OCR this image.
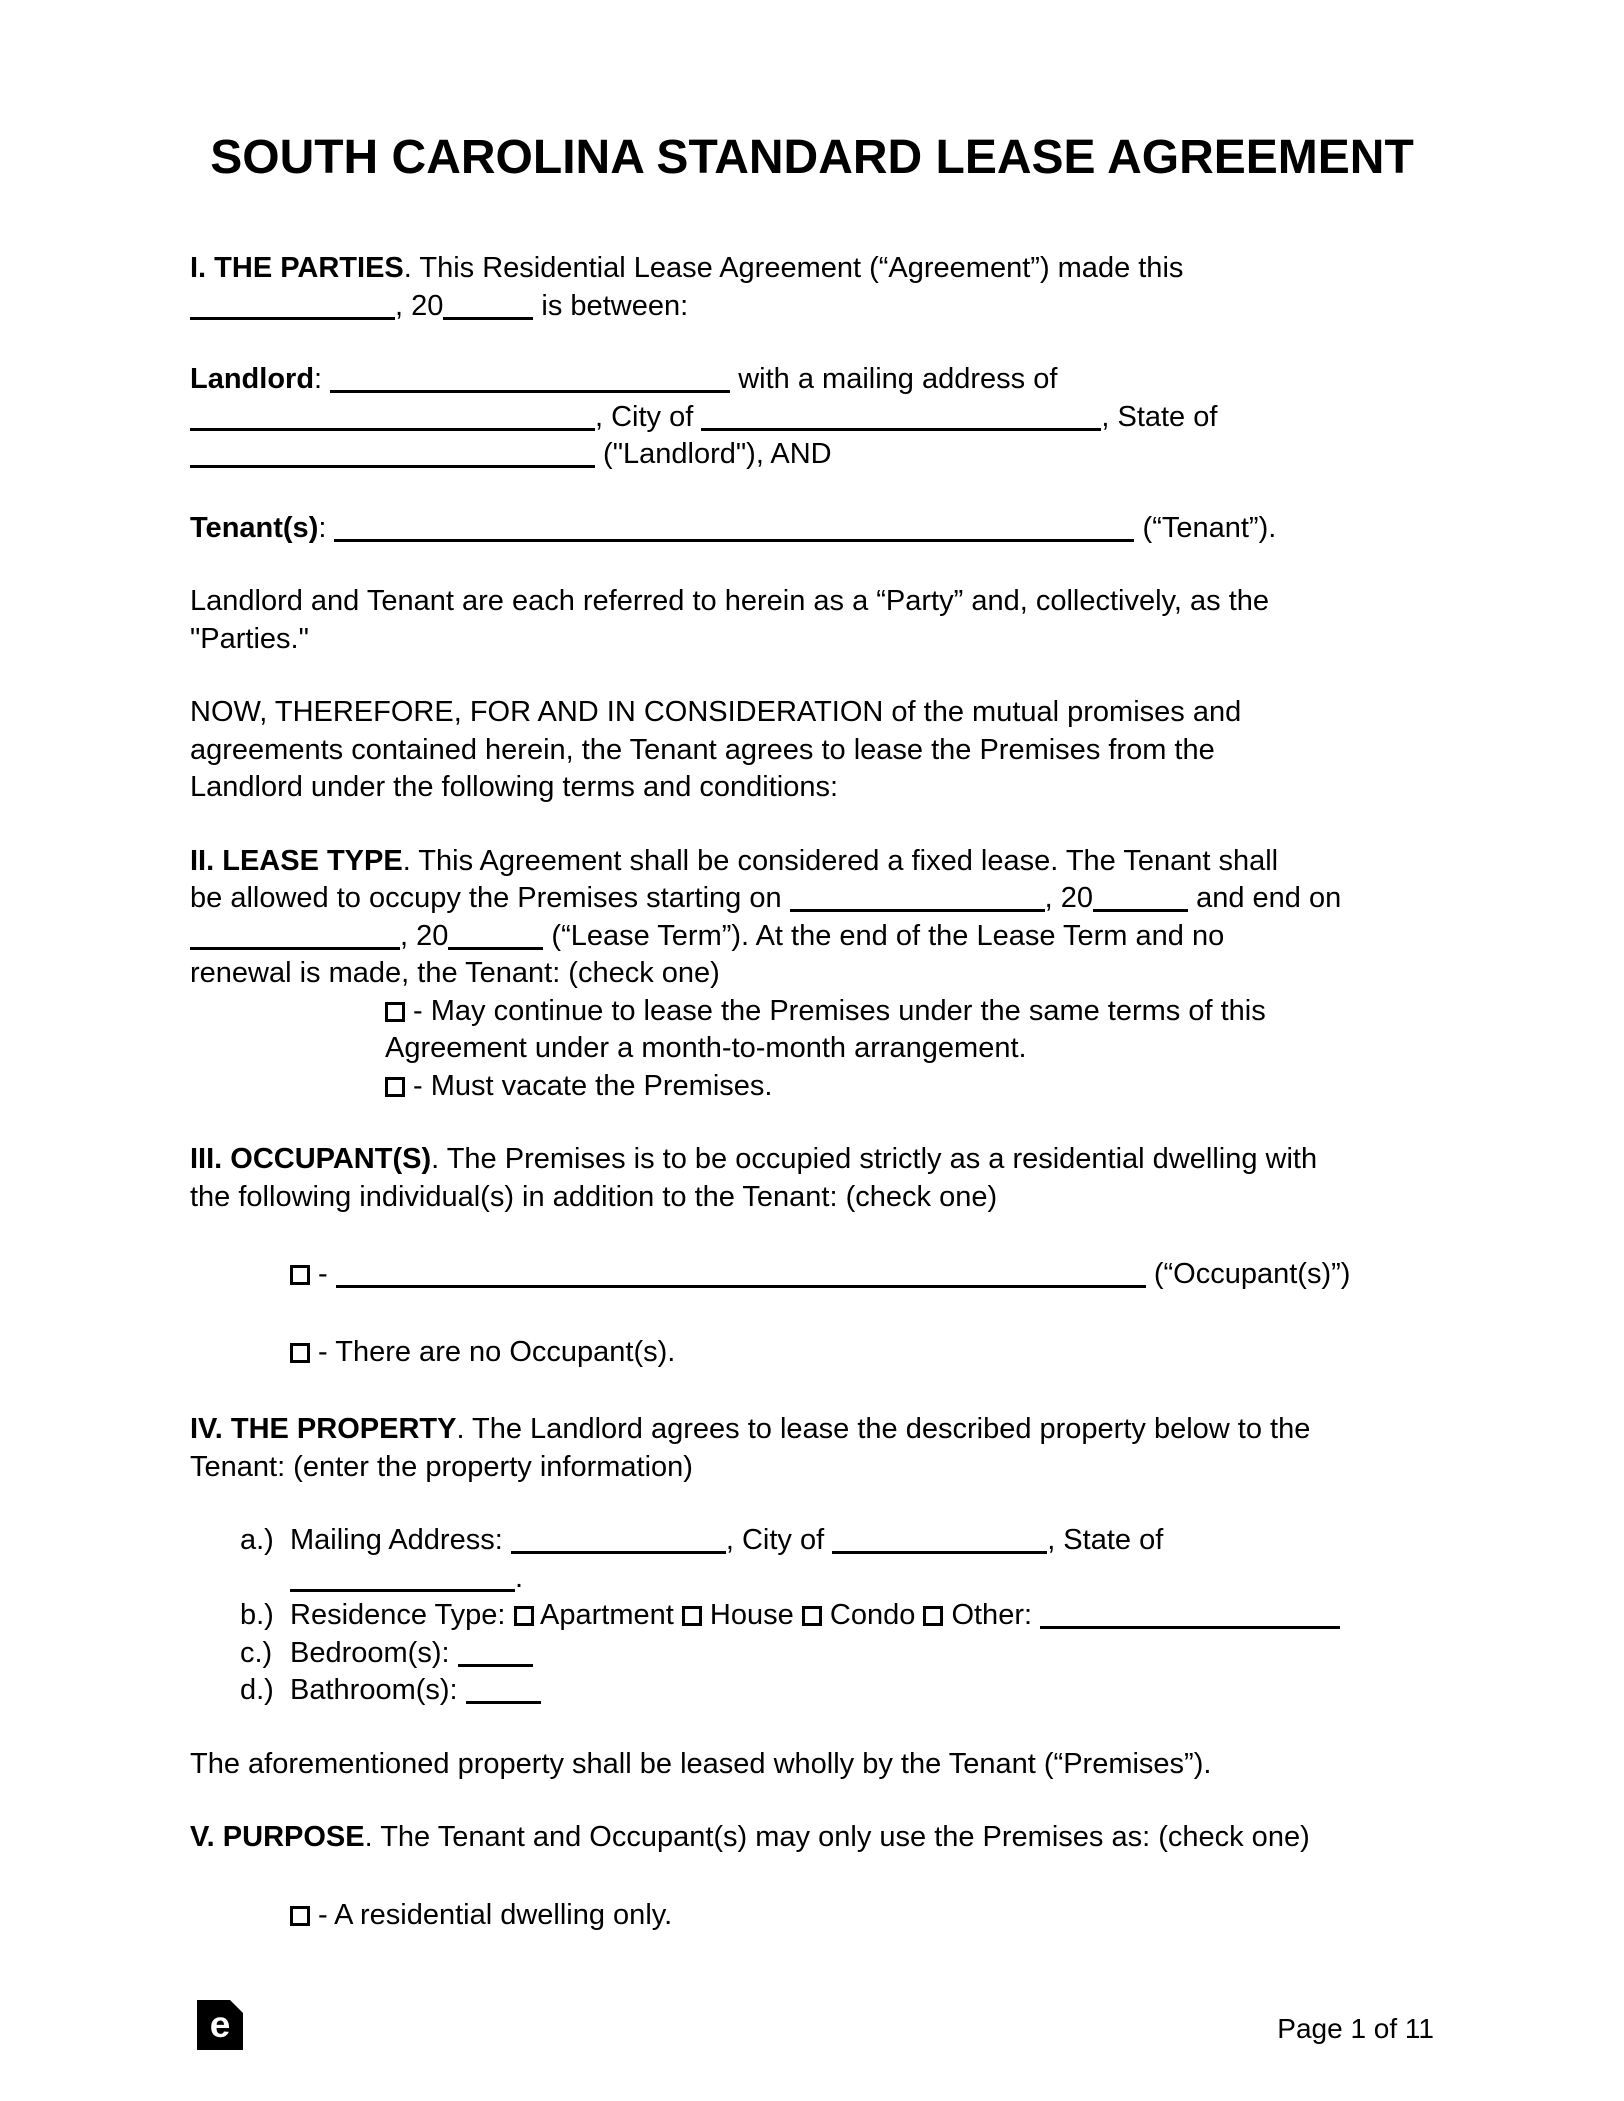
SOUTH CAROLINA STANDARD LEASE AGREEMENT
I. THE PARTIES. This Residential Lease Agreement (“Agreement”) made this
, 20	is between:
Landlord:	with a mailing address of
, City of	, State of
("Landlord"), AND
Tenant(s):	(“Tenant”).
Landlord and Tenant are each referred to herein as a “Party” and, collectively, as the
"Parties."
NOW, THEREFORE, FOR AND IN CONSIDERATION of the mutual promises and
agreements contained herein, the Tenant agrees to lease the Premises from the
Landlord under the following terms and conditions:
II. LEASE TYPE. This Agreement shall be considered a fixed lease. The Tenant shall
be allowed to occupy the Premises starting on	, 20	and end on
, 20	(“Lease Term”). At the end of the Lease Term and no
renewal is made, the Tenant: (check one)
- May continue to lease the Premises under the same terms of this
Agreement under a month-to-month arrangement.
- Must vacate the Premises.
III. OCCUPANT(S). The Premises is to be occupied strictly as a residential dwelling with
the following individual(s) in addition to the Tenant: (check one)
-	(“Occupant(s)”)
- There are no Occupant(s).
IV. THE PROPERTY. The Landlord agrees to lease the described property below to the
Tenant: (enter the property information)
a.) Mailing Address:	, City of	, State of
.
b.) Residence Type:  Apartment  House  Condo  Other:
c.) Bedroom(s):
d.) Bathroom(s):
The aforementioned property shall be leased wholly by the Tenant (“Premises”).
V. PURPOSE. The Tenant and Occupant(s) may only use the Premises as: (check one)
- A residential dwelling only.
e	Page 1 of 11
